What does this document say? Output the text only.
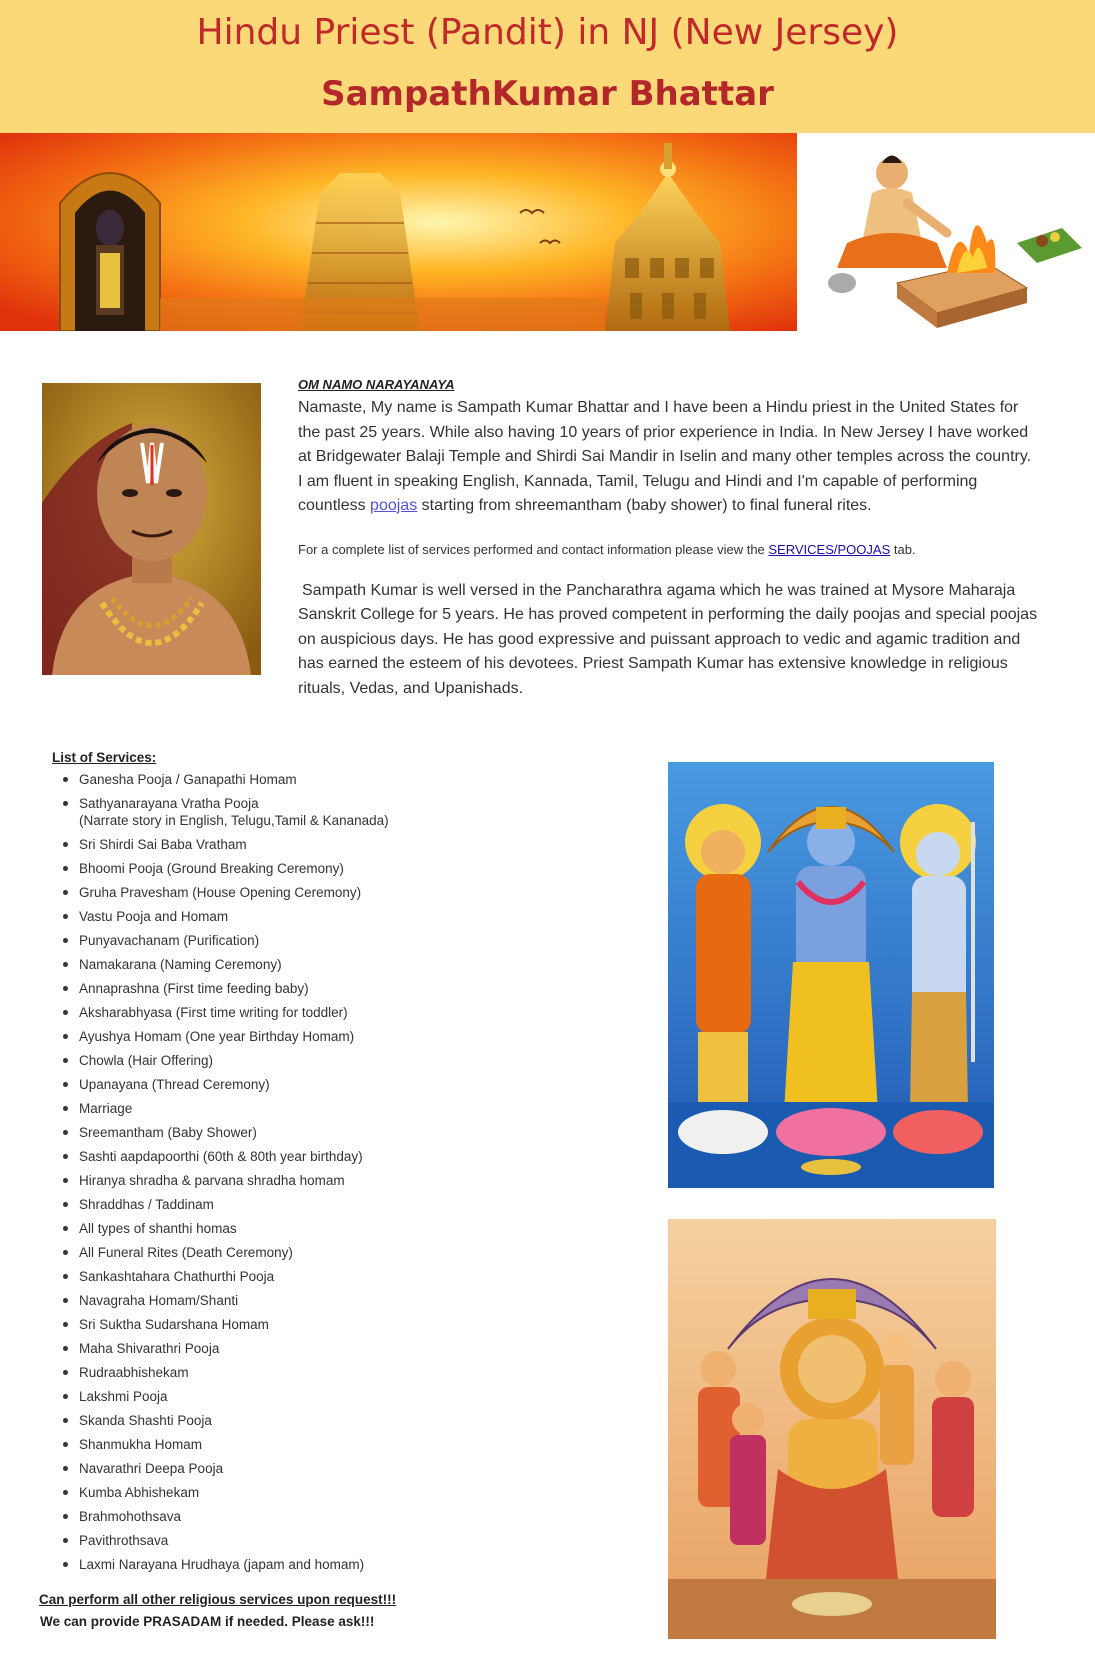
Hindu Priest (Pandit) in NJ (New Jersey)
SampathKumar Bhattar

OM NAMO NARAYANAYA

Namaste, My name is Sampath Kumar Bhattar and I have been a Hindu priest in the United States for the past 25 years. While also having 10 years of prior experience in India. In New Jersey I have worked at Bridgewater Balaji Temple and Shirdi Sai Mandir in Iselin and many other temples across the country. I am fluent in speaking English, Kannada, Tamil, Telugu and Hindi and I'm capable of performing countless poojas starting from shreemantham (baby shower) to final funeral rites.

For a complete list of services performed and contact information please view the SERVICES/POOJAS tab.

Sampath Kumar is well versed in the Pancharathra agama which he was trained at Mysore Maharaja Sanskrit College for 5 years. He has proved competent in performing the daily poojas and special poojas on auspicious days. He has good expressive and puissant approach to vedic and agamic tradition and has earned the esteem of his devotees. Priest Sampath Kumar has extensive knowledge in religious rituals, Vedas, and Upanishads.

List of Services:
Ganesha Pooja / Ganapathi Homam
Sathyanarayana Vratha Pooja
(Narrate story in English, Telugu,Tamil & Kananada)
Sri Shirdi Sai Baba Vratham
Bhoomi Pooja (Ground Breaking Ceremony)
Gruha Pravesham (House Opening Ceremony)
Vastu Pooja and Homam
Punyavachanam (Purification)
Namakarana (Naming Ceremony)
Annaprashna (First time feeding baby)
Aksharabhyasa (First time writing for toddler)
Ayushya Homam (One year Birthday Homam)
Chowla (Hair Offering)
Upanayana (Thread Ceremony)
Marriage
Sreemantham (Baby Shower)
Sashti aapdapoorthi (60th & 80th year birthday)
Hiranya shradha & parvana shradha homam
Shraddhas / Taddinam
All types of shanthi homas
All Funeral Rites (Death Ceremony)
Sankashtahara Chathurthi Pooja
Navagraha Homam/Shanti
Sri Suktha Sudarshana Homam
Maha Shivarathri Pooja
Rudraabhishekam
Lakshmi Pooja
Skanda Shashti Pooja
Shanmukha Homam
Navarathri Deepa Pooja
Kumba Abhishekam
Brahmohothsava
Pavithrothsava
Laxmi Narayana Hrudhaya (japam and homam)
Can perform all other religious services upon request!!!
We can provide PRASADAM if needed. Please ask!!!
